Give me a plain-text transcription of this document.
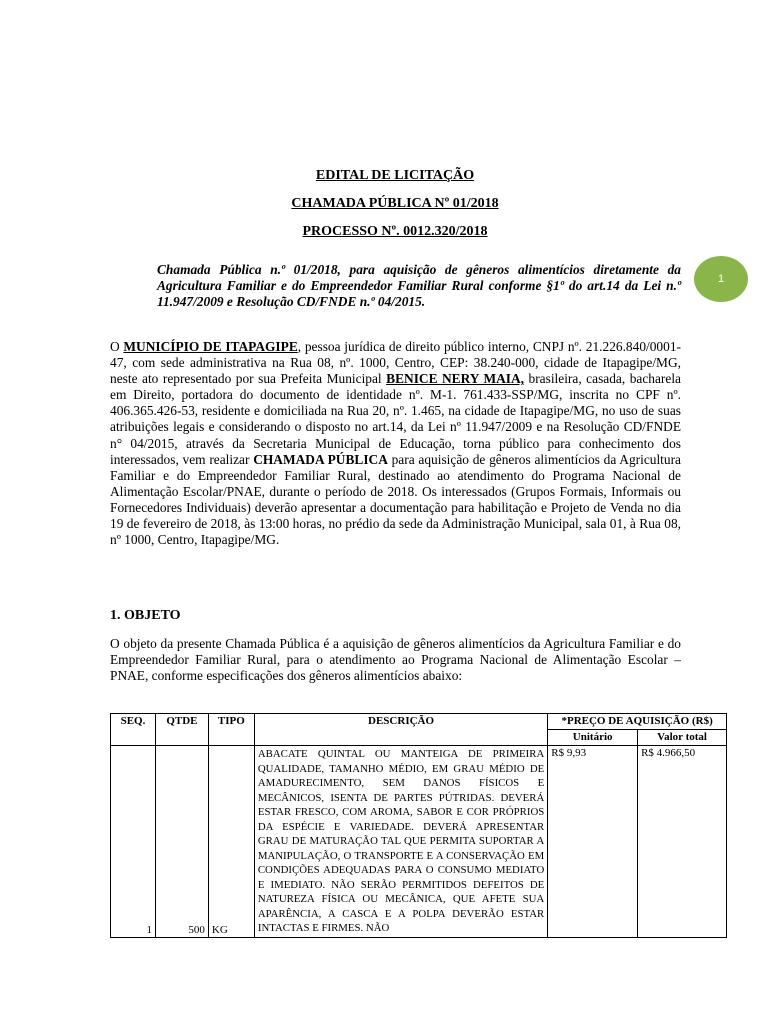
EDITAL DE LICITAÇÃO
CHAMADA PÚBLICA Nº 01/2018
PROCESSO Nº. 0012.320/2018
1
Chamada Pública n.º 01/2018, para aquisição de gêneros alimentícios diretamente da Agricultura Familiar e do Empreendedor Familiar Rural conforme §1º do art.14 da Lei n.º 11.947/2009 e Resolução CD/FNDE n.º 04/2015.
O MUNICÍPIO DE ITAPAGIPE, pessoa jurídica de direito público interno, CNPJ nº. 21.226.840/0001-47, com sede administrativa na Rua 08, nº. 1000, Centro, CEP: 38.240-000, cidade de Itapagipe/MG, neste ato representado por sua Prefeita Municipal BENICE NERY MAIA, brasileira, casada, bacharela em Direito, portadora do documento de identidade nº. M-1. 761.433-SSP/MG, inscrita no CPF nº. 406.365.426-53, residente e domiciliada na Rua 20, nº. 1.465, na cidade de Itapagipe/MG, no uso de suas atribuições legais e considerando o disposto no art.14, da Lei nº 11.947/2009 e na Resolução CD/FNDE n° 04/2015, através da Secretaria Municipal de Educação, torna público para conhecimento dos interessados, vem realizar CHAMADA PÚBLICA para aquisição de gêneros alimentícios da Agricultura Familiar e do Empreendedor Familiar Rural, destinado ao atendimento do Programa Nacional de Alimentação Escolar/PNAE, durante o período de 2018. Os interessados (Grupos Formais, Informais ou Fornecedores Individuais) deverão apresentar a documentação para habilitação e Projeto de Venda no dia 19 de fevereiro de 2018, às 13:00 horas, no prédio da sede da Administração Municipal, sala 01, à Rua 08, nº 1000, Centro, Itapagipe/MG.
1. OBJETO
O objeto da presente Chamada Pública é a aquisição de gêneros alimentícios da Agricultura Familiar e do Empreendedor Familiar Rural, para o atendimento ao Programa Nacional de Alimentação Escolar – PNAE, conforme especificações dos gêneros alimentícios abaixo:
SEQ.	QTDE	TIPO	DESCRIÇÃO	*PREÇO DE AQUISIÇÃO (R$)	
				Unitário	Valor total
1	500	KG	ABACATE QUINTAL OU MANTEIGA DE PRIMEIRA QUALIDADE, TAMANHO MÉDIO, EM GRAU MÉDIO DE AMADURECIMENTO, SEM DANOS FÍSICOS E MECÂNICOS, ISENTA DE PARTES PÚTRIDAS. DEVERÁ ESTAR FRESCO, COM AROMA, SABOR E COR PRÓPRIOS DA ESPÉCIE E VARIEDADE. DEVERÁ APRESENTAR GRAU DE MATURAÇÃO TAL QUE PERMITA SUPORTAR A MANIPULAÇÃO, O TRANSPORTE E A CONSERVAÇÃO EM CONDIÇÕES ADEQUADAS PARA O CONSUMO MEDIATO E IMEDIATO. NÃO SERÃO PERMITIDOS DEFEITOS DE NATUREZA FÍSICA OU MECÂNICA, QUE AFETE SUA APARÊNCIA, A CASCA E A POLPA DEVERÃO ESTAR INTACTAS E FIRMES. NÃO	R$ 9,93	R$ 4.966,50
